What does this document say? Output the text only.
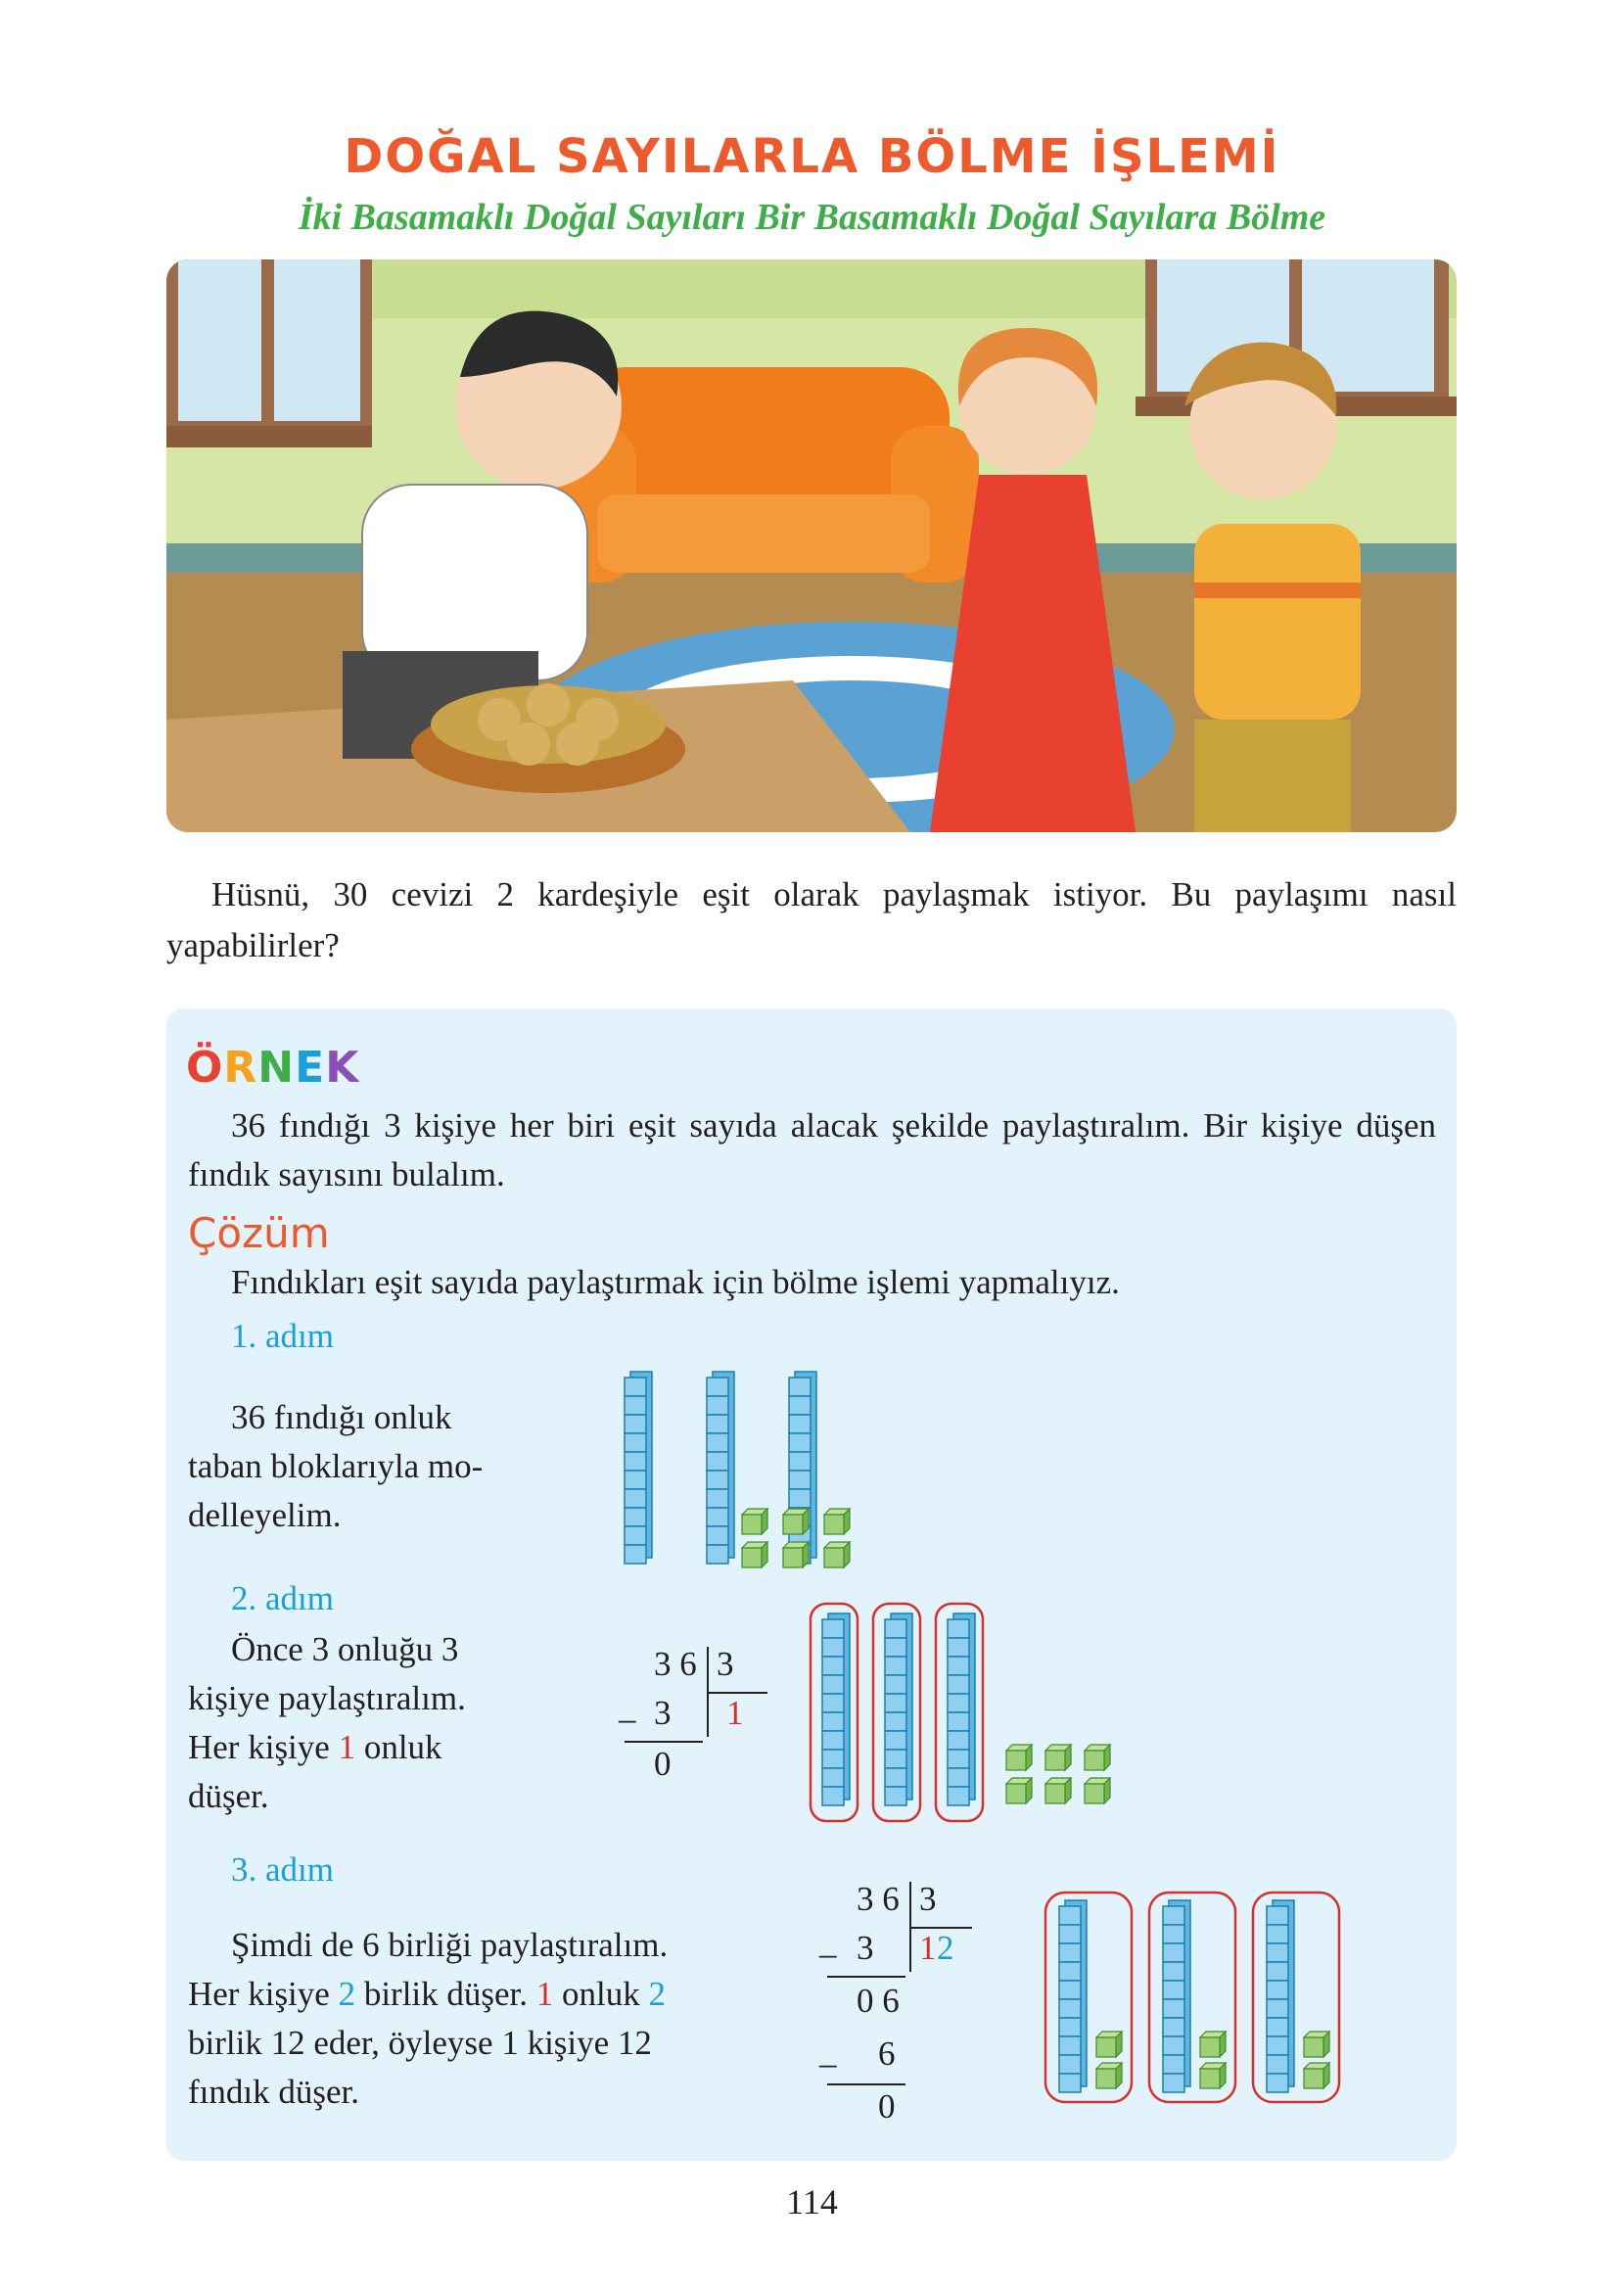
DOĞAL SAYILARLA BÖLME İŞLEMİ
İki Basamaklı Doğal Sayıları Bir Basamaklı Doğal Sayılara Bölme
Hüsnü, 30 cevizi 2 kardeşiyle eşit olarak paylaşmak istiyor. Bu paylaşımı nasıl yapabilirler?
ÖRNEK
36 fındığı 3 kişiye her biri eşit sayıda alacak şekilde paylaştıralım. Bir kişiye düşen fındık sayısını bulalım.
Çözüm
Fındıkları eşit sayıda paylaştırmak için bölme işlemi yapmalıyız.
1. adım
36 fındığı onluk
taban bloklarıyla mo-
delleyelim.
2. adım
Önce 3 onluğu 3
kişiye paylaştıralım.
Her kişiye 1 onluk
düşer.
3 6 3
1
– 3
0
3. adım
Şimdi de 6 birliği paylaştıralım.
Her kişiye 2 birlik düşer. 1 onluk 2
birlik 12 eder, öyleyse 1 kişiye 12
fındık düşer.
3 6 3
1 2
– 3
0 6
– 6
0
114
